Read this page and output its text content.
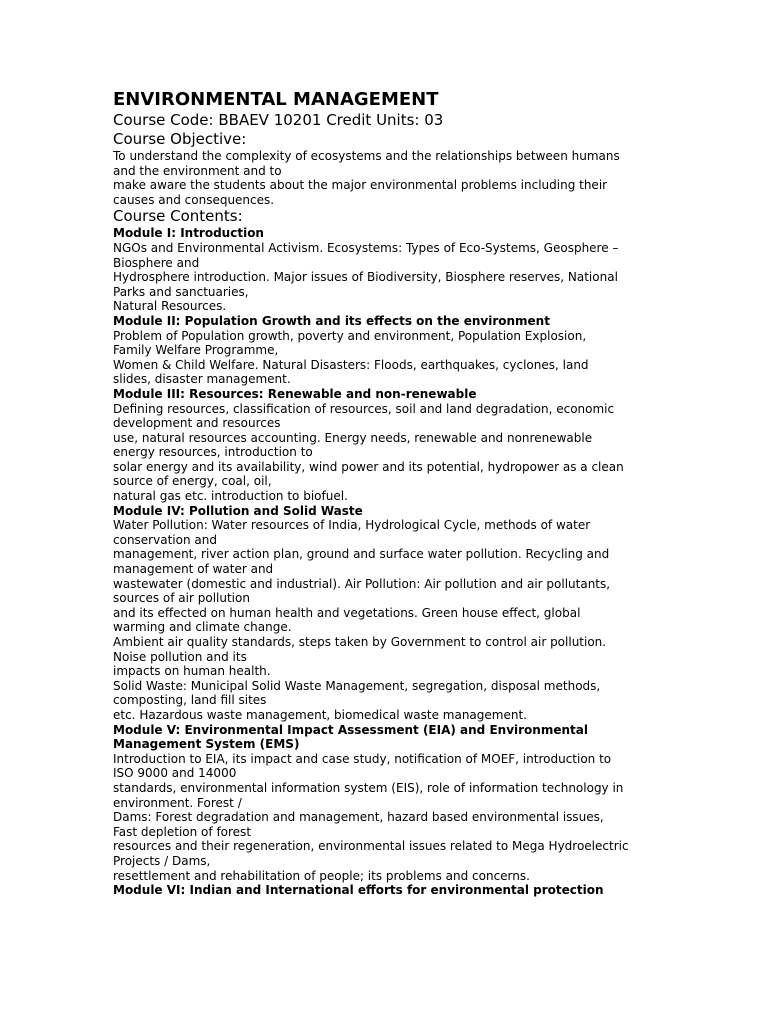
ENVIRONMENTAL MANAGEMENT

Course Code: BBAEV 10201 Credit Units: 03

Course Objective:

To understand the complexity of ecosystems and the relationships between humans

and the environment and to

make aware the students about the major environmental problems including their

causes and consequences.

Course Contents:

Module I: Introduction

NGOs and Environmental Activism. Ecosystems: Types of Eco-Systems, Geosphere –

Biosphere and

Hydrosphere introduction. Major issues of Biodiversity, Biosphere reserves, National

Parks and sanctuaries,

Natural Resources.

Module II: Population Growth and its effects on the environment

Problem of Population growth, poverty and environment, Population Explosion,

Family Welfare Programme,

Women & Child Welfare. Natural Disasters: Floods, earthquakes, cyclones, land

slides, disaster management.

Module III: Resources: Renewable and non-renewable

Defining resources, classification of resources, soil and land degradation, economic

development and resources

use, natural resources accounting. Energy needs, renewable and nonrenewable

energy resources, introduction to

solar energy and its availability, wind power and its potential, hydropower as a clean

source of energy, coal, oil,

natural gas etc. introduction to biofuel.

Module IV: Pollution and Solid Waste

Water Pollution: Water resources of India, Hydrological Cycle, methods of water

conservation and

management, river action plan, ground and surface water pollution. Recycling and

management of water and

wastewater (domestic and industrial). Air Pollution: Air pollution and air pollutants,

sources of air pollution

and its effected on human health and vegetations. Green house effect, global

warming and climate change.

Ambient air quality standards, steps taken by Government to control air pollution.

Noise pollution and its

impacts on human health.

Solid Waste: Municipal Solid Waste Management, segregation, disposal methods,

composting, land fill sites

etc. Hazardous waste management, biomedical waste management.

Module V: Environmental Impact Assessment (EIA) and Environmental

Management System (EMS)

Introduction to EIA, its impact and case study, notification of MOEF, introduction to

ISO 9000 and 14000

standards, environmental information system (EIS), role of information technology in

environment. Forest /

Dams: Forest degradation and management, hazard based environmental issues,

Fast depletion of forest

resources and their regeneration, environmental issues related to Mega Hydroelectric

Projects / Dams,

resettlement and rehabilitation of people; its problems and concerns.

Module VI: Indian and International efforts for environmental protection
